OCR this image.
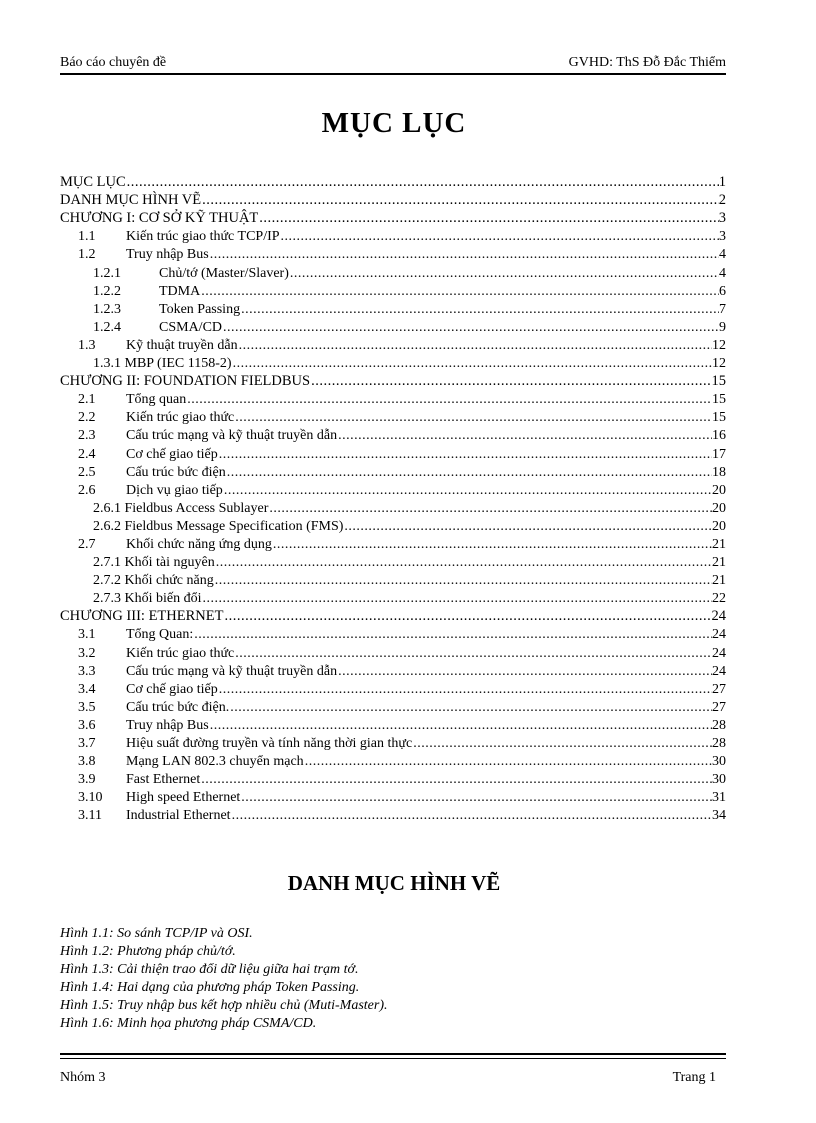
Báo cáo chuyên đề	GVHD: ThS Đỗ Đắc Thiểm
MỤC LỤC
MỤC LỤC .....	1
DANH MỤC HÌNH VẼ .....	2
CHƯƠNG I: CƠ SỞ KỸ THUẬT .....	3
1.1	Kiến trúc giao thức TCP/IP .....	3
1.2	Truy nhập Bus .....	4
1.2.1	Chủ/tớ (Master/Slaver) .....	4
1.2.2	TDMA .....	6
1.2.3	Token Passing .....	7
1.2.4	CSMA/CD .....	9
1.3	Kỹ thuật truyền dẫn .....	12
1.3.1 MBP (IEC 1158-2) .....	12
CHƯƠNG II: FOUNDATION FIELDBUS .....	15
2.1	Tổng quan .....	15
2.2	Kiến trúc giao thức .....	15
2.3	Cấu trúc mạng và kỹ thuật truyền dẫn .....	16
2.4	Cơ chế giao tiếp .....	17
2.5	Cấu trúc bức điện .....	18
2.6	Dịch vụ giao tiếp .....	20
2.6.1 Fieldbus Access Sublayer .....	20
2.6.2 Fieldbus Message Specification (FMS) .....	20
2.7	Khối chức năng ứng dụng .....	21
2.7.1 Khối tài nguyên .....	21
2.7.2 Khối chức năng .....	21
2.7.3 Khối biến đổi .....	22
CHƯƠNG III: ETHERNET .....	24
3.1	Tổng Quan: .....	24
3.2	Kiến trúc giao thức .....	24
3.3	Cấu trúc mạng và kỹ thuật truyền dẫn .....	24
3.4	Cơ chế giao tiếp .....	27
3.5	Cấu trúc bức điện. .....	27
3.6	Truy nhập Bus .....	28
3.7	Hiệu suất đường truyền và tính năng thời gian thực .....	28
3.8	Mạng LAN 802.3 chuyển mạch .....	30
3.9	Fast Ethernet .....	30
3.10	High speed Ethernet .....	31
3.11	Industrial Ethernet .....	34
DANH MỤC HÌNH VẼ
Hình 1.1: So sánh TCP/IP và OSI.
Hình 1.2: Phương pháp chủ/tớ.
Hình 1.3: Cải thiện trao đổi dữ liệu giữa hai trạm tớ.
Hình 1.4: Hai dạng của phương pháp Token Passing.
Hình 1.5: Truy nhập bus kết hợp nhiều chủ (Muti-Master).
Hình 1.6: Minh họa phương pháp CSMA/CD.
Nhóm 3	Trang 1
